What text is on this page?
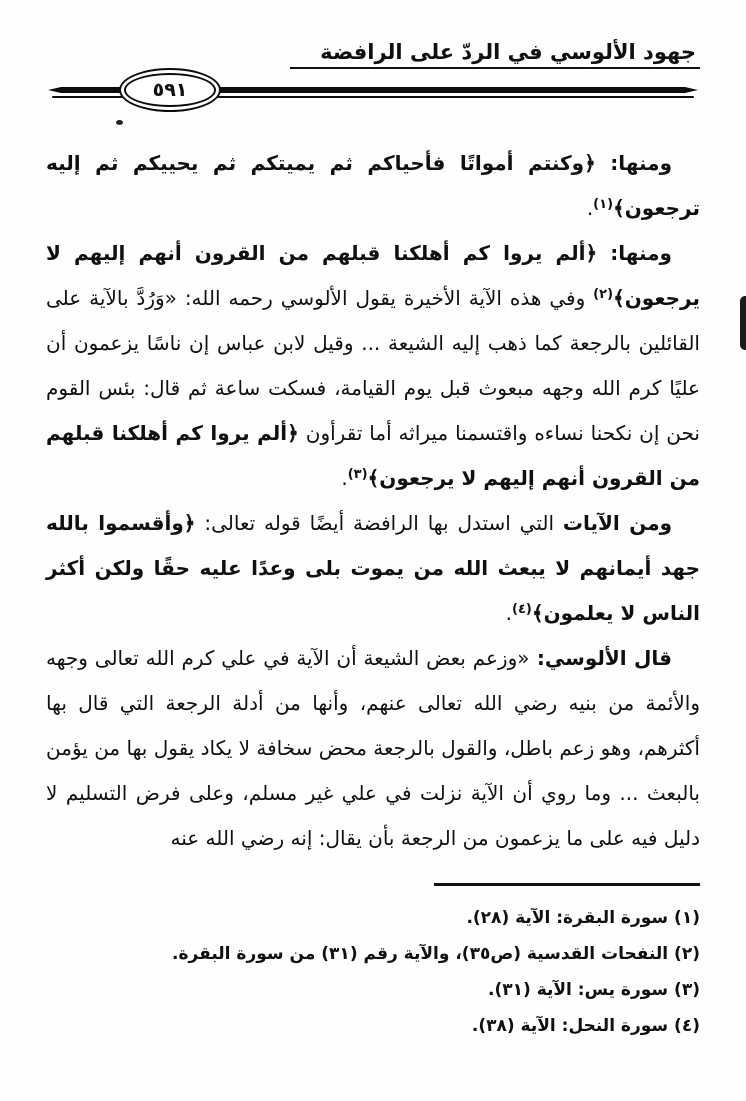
جهود الألوسي في الردّ على الرافضة
٥٩١

ومنها: ﴿وكنتم أمواتًا فأحياكم ثم يميتكم ثم يحييكم ثم إليه ترجعون﴾$^{(١)}$.

ومنها: ﴿ألم يروا كم أهلكنا قبلهم من القرون أنهم إليهم لا يرجعون﴾$^{(٢)}$ وفي هذه الآية الأخيرة يقول الألوسي رحمه الله: «وَرُدَّ بالآية على القائلين بالرجعة كما ذهب إليه الشيعة ... وقيل لابن عباس إن ناسًا يزعمون أن عليًا كرم الله وجهه مبعوث قبل يوم القيامة، فسكت ساعة ثم قال: بئس القوم نحن إن نكحنا نساءه واقتسمنا ميراثه أما تقرأون ﴿ألم يروا كم أهلكنا قبلهم من القرون أنهم إليهم لا يرجعون﴾$^{(٣)}$.

ومن الآيات التي استدل بها الرافضة أيضًا قوله تعالى: ﴿وأقسموا بالله جهد أيمانهم لا يبعث الله من يموت بلى وعدًا عليه حقًا ولكن أكثر الناس لا يعلمون﴾$^{(٤)}$.

قال الألوسي: «وزعم بعض الشيعة أن الآية في علي كرم الله تعالى وجهه والأئمة من بنيه رضي الله تعالى عنهم، وأنها من أدلة الرجعة التي قال بها أكثرهم، وهو زعم باطل، والقول بالرجعة محض سخافة لا يكاد يقول بها من يؤمن بالبعث ... وما روي أن الآية نزلت في علي غير مسلم، وعلى فرض التسليم لا دليل فيه على ما يزعمون من الرجعة بأن يقال: إنه رضي الله عنه

(١) سورة البقرة: الآية (٢٨).
(٢) النفحات القدسية (ص٣٥)، والآية رقم (٣١) من سورة البقرة.
(٣) سورة يس: الآية (٣١).
(٤) سورة النحل: الآية (٣٨).
